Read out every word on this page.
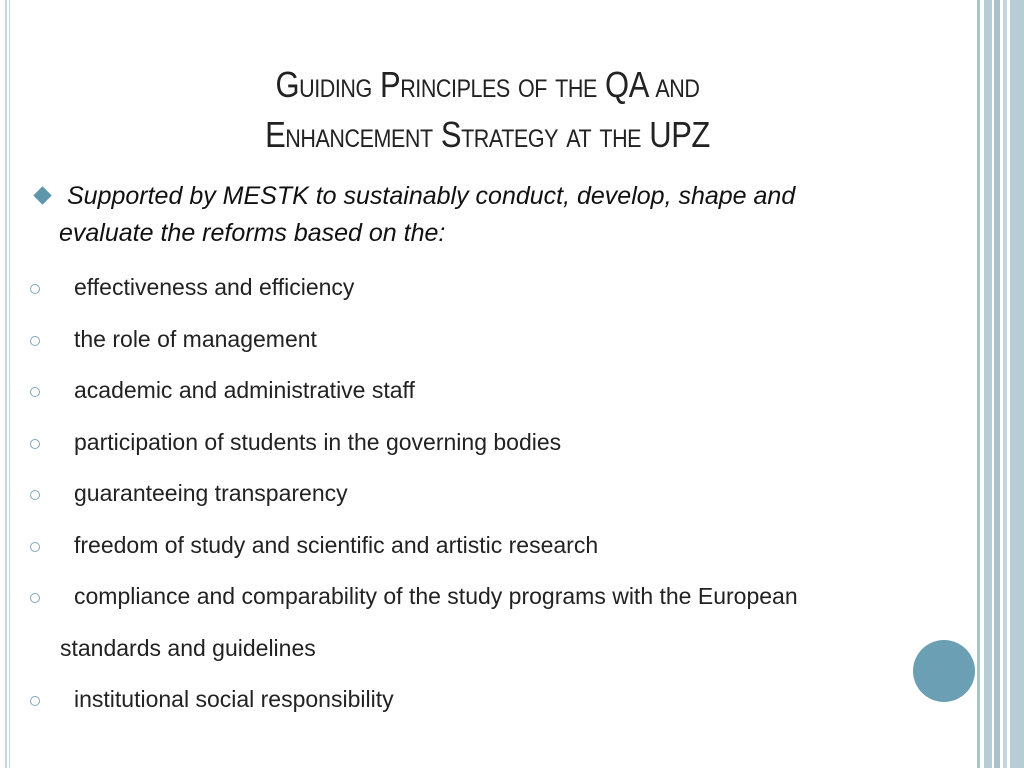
Guiding Principles of the QA and
Enhancement Strategy at the UPZ
Supported by MESTK to sustainably conduct, develop, shape and
evaluate the reforms based on the:
effectiveness and efficiency
the role of management
academic and administrative staff
participation of students in the governing bodies
guaranteeing transparency
freedom of study and scientific and artistic research
compliance and comparability of the study programs with the European
standards and guidelines
institutional social responsibility
